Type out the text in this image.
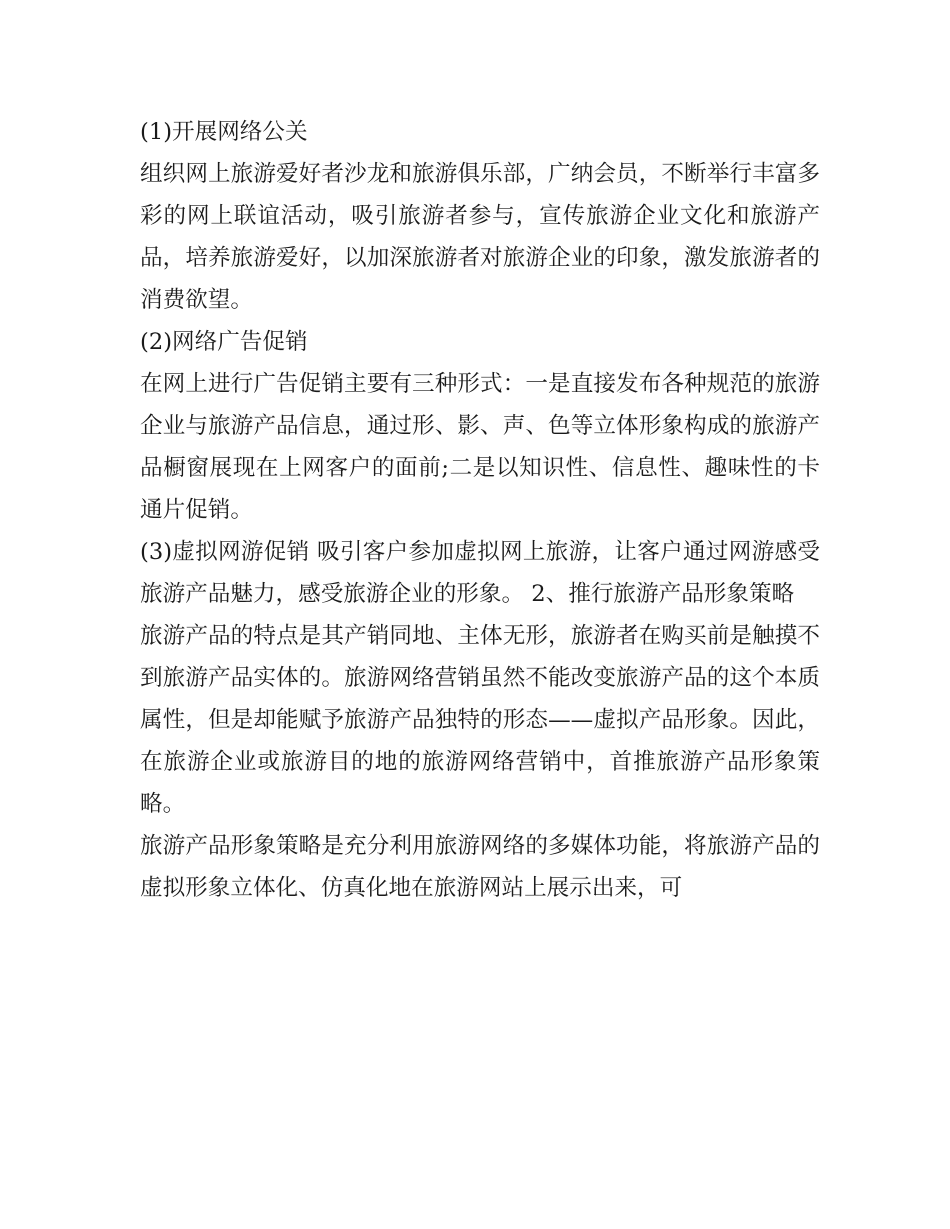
(1)开展网络公关

组织网上旅游爱好者沙龙和旅游俱乐部，广纳会员，不断举行丰富多彩的网上联谊活动，吸引旅游者参与，宣传旅游企业文化和旅游产品，培养旅游爱好，以加深旅游者对旅游企业的印象，激发旅游者的消费欲望。

(2)网络广告促销

在网上进行广告促销主要有三种形式：一是直接发布各种规范的旅游企业与旅游产品信息，通过形、影、声、色等立体形象构成的旅游产品橱窗展现在上网客户的面前;二是以知识性、信息性、趣味性的卡通片促销。

(3)虚拟网游促销 吸引客户参加虚拟网上旅游，让客户通过网游感受旅游产品魅力，感受旅游企业的形象。 2、推行旅游产品形象策略

旅游产品的特点是其产销同地、主体无形，旅游者在购买前是触摸不到旅游产品实体的。旅游网络营销虽然不能改变旅游产品的这个本质属性，但是却能赋予旅游产品独特的形态——虚拟产品形象。因此，在旅游企业或旅游目的地的旅游网络营销中，首推旅游产品形象策略。

旅游产品形象策略是充分利用旅游网络的多媒体功能，将旅游产品的虚拟形象立体化、仿真化地在旅游网站上展示出来，可
